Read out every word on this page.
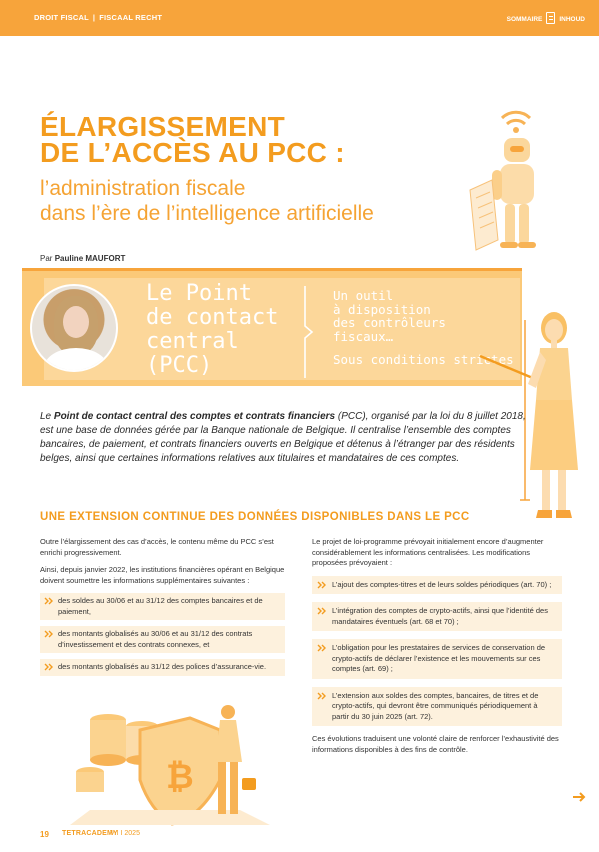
DROIT FISCAL | FISCAAL RECHT	SOMMAIRE	INHOUD
ÉLARGISSEMENT
DE L’ACCÈS AU PCC :
l’administration fiscale
dans l’ère de l’intelligence artificielle
Par Pauline MAUFORT
Le Point
de contact
central
(PCC)
Un outil
à disposition
des contrôleurs
fiscaux…
Sous conditions strictes
Le Point de contact central des comptes et contrats financiers (PCC), organisé par la loi du 8 juillet 2018, est une base de données gérée par la Banque nationale de Belgique. Il centralise l’ensemble des comptes bancaires, de paiement, et contrats financiers ouverts en Belgique et détenus à l’étranger par des résidents belges, ainsi que certaines informations relatives aux titulaires et mandataires de ces comptes.
UNE EXTENSION CONTINUE DES DONNÉES DISPONIBLES DANS LE PCC

Outre l’élargissement des cas d’accès, le contenu même du PCC s’est enrichi progressivement.

Ainsi, depuis janvier 2022, les institutions financières opérant en Belgique doivent soumettre les informations supplémentaires suivantes :

des soldes au 30/06 et au 31/12 des comptes bancaires et de paiement,
des montants globalisés au 30/06 et au 31/12 des contrats d’investissement et des contrats connexes, et
des montants globalisés au 31/12 des polices d’assurance-vie.
₿

Le projet de loi-programme prévoyait initialement encore d’augmenter considérablement les informations centralisées. Les modifications proposées prévoyaient :

L’ajout des comptes-titres et de leurs soldes périodiques (art. 70) ;
L’intégration des comptes de crypto-actifs, ainsi que l’identité des mandataires éventuels (art. 68 et 70) ;
L’obligation pour les prestataires de services de conservation de crypto-actifs de déclarer l’existence et les mouvements sur ces comptes (art. 69) ;
L’extension aux soldes des comptes, bancaires, de titres et de crypto-actifs, qui devront être communiqués périodiquement à partir du 30 juin 2025 (art. 72).

Ces évolutions traduisent une volonté claire de renforcer l’exhaustivité des informations disponibles à des fins de contrôle.

19 TETRACADEMY
V I I 2025
